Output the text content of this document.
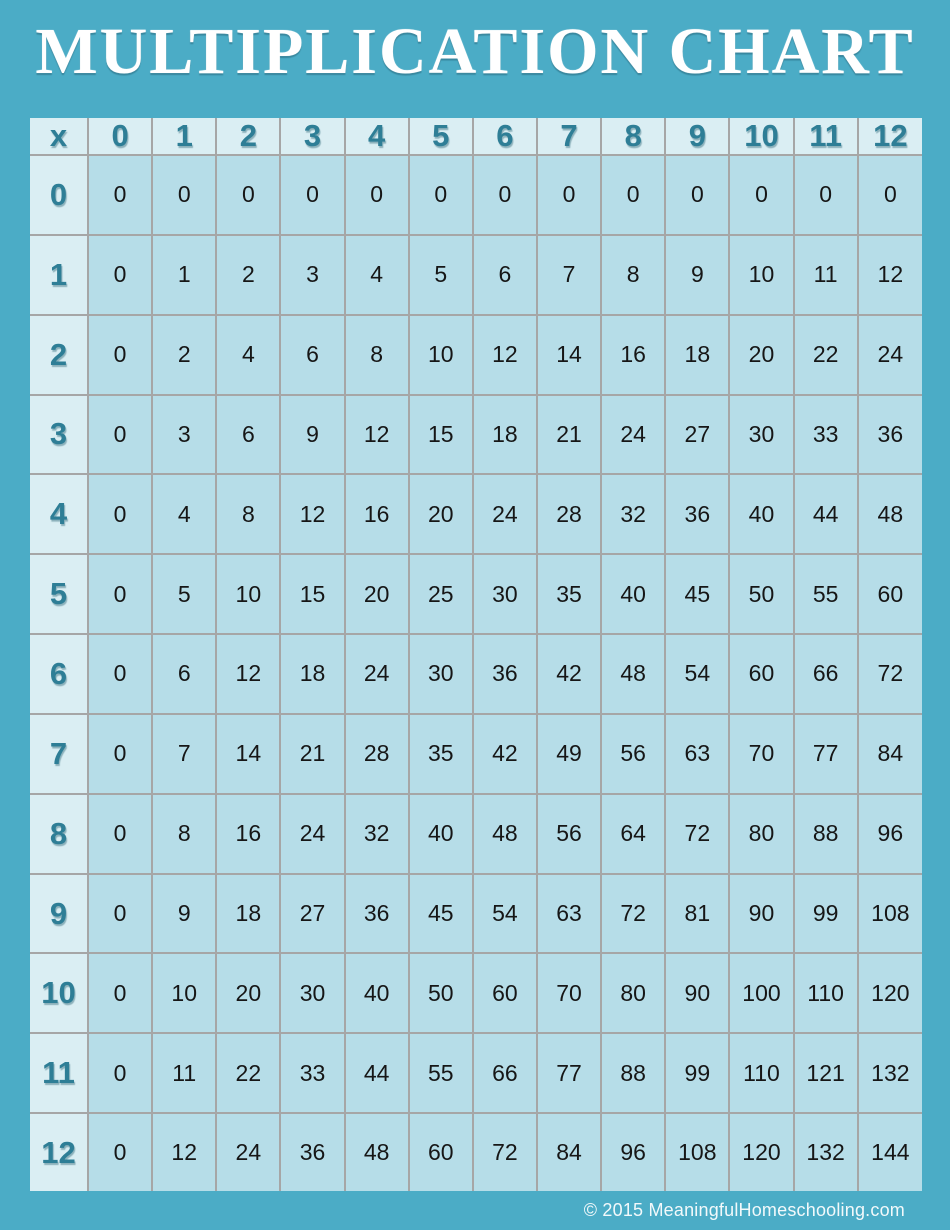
MULTIPLICATION CHART
x	0	1	2	3	4	5	6	7	8	9	10	11	12
0	0	0	0	0	0	0	0	0	0	0	0	0	0
1	0	1	2	3	4	5	6	7	8	9	10	11	12
2	0	2	4	6	8	10	12	14	16	18	20	22	24
3	0	3	6	9	12	15	18	21	24	27	30	33	36
4	0	4	8	12	16	20	24	28	32	36	40	44	48
5	0	5	10	15	20	25	30	35	40	45	50	55	60
6	0	6	12	18	24	30	36	42	48	54	60	66	72
7	0	7	14	21	28	35	42	49	56	63	70	77	84
8	0	8	16	24	32	40	48	56	64	72	80	88	96
9	0	9	18	27	36	45	54	63	72	81	90	99	108
10	0	10	20	30	40	50	60	70	80	90	100	110	120
11	0	11	22	33	44	55	66	77	88	99	110	121	132
12	0	12	24	36	48	60	72	84	96	108	120	132	144
© 2015 MeaningfulHomeschooling.com
